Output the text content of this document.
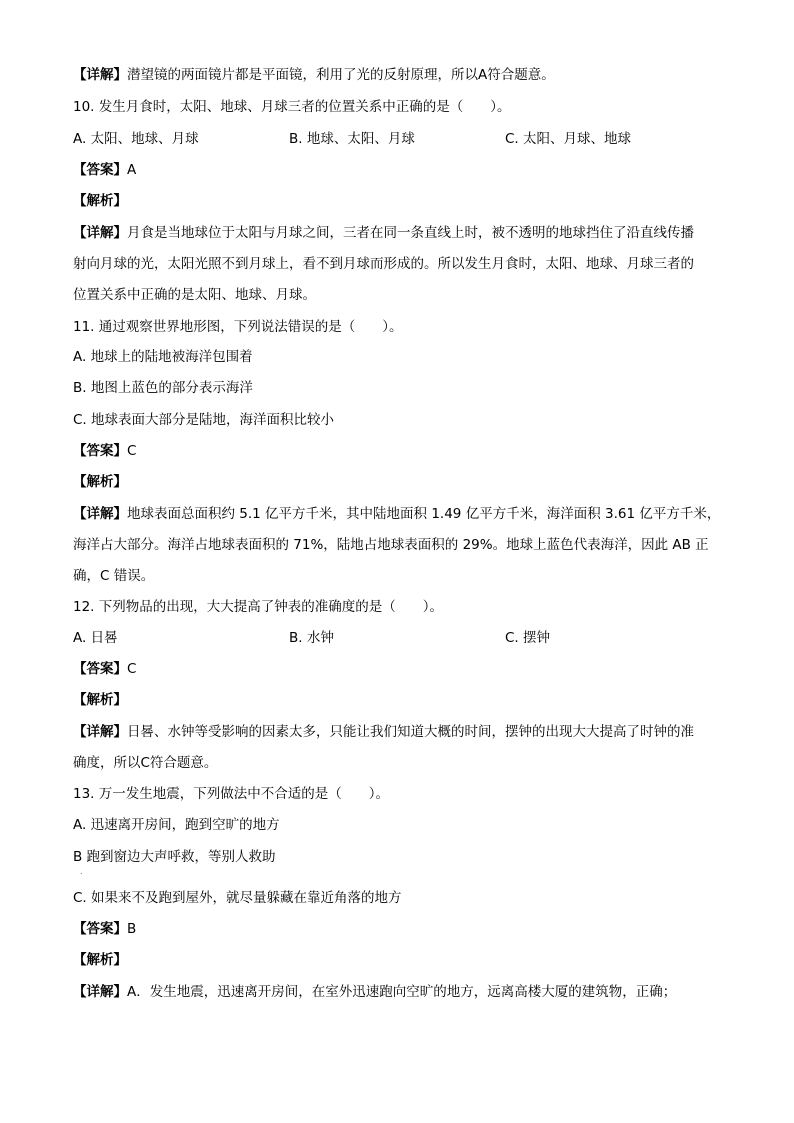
【详解】潜望镜的两面镜片都是平面镜，利用了光的反射原理，所以A符合题意。
10. 发生月食时，太阳、地球、月球三者的位置关系中正确的是（　　）。
A. 太阳、地球、月球	B. 地球、太阳、月球	C. 太阳、月球、地球
【答案】A
【解析】
【详解】月食是当地球位于太阳与月球之间，三者在同一条直线上时，被不透明的地球挡住了沿直线传播
射向月球的光，太阳光照不到月球上，看不到月球而形成的。所以发生月食时，太阳、地球、月球三者的
位置关系中正确的是太阳、地球、月球。
11. 通过观察世界地形图，下列说法错误的是（　　）。
A. 地球上的陆地被海洋包围着
B. 地图上蓝色的部分表示海洋
C. 地球表面大部分是陆地，海洋面积比较小
【答案】C
【解析】
【详解】地球表面总面积约 5.1 亿平方千米，其中陆地面积 1.49 亿平方千米，海洋面积 3.61 亿平方千米，
海洋占大部分。海洋占地球表面积的 71%，陆地占地球表面积的 29%。地球上蓝色代表海洋，因此 AB 正
确，C 错误。
12. 下列物品的出现，大大提高了钟表的准确度的是（　　）。
A. 日晷	B. 水钟	C. 摆钟
【答案】C
【解析】
【详解】日晷、水钟等受影响的因素太多，只能让我们知道大概的时间，摆钟的出现大大提高了时钟的准
确度，所以C符合题意。
13. 万一发生地震，下列做法中不合适的是（　　）。
A. 迅速离开房间，跑到空旷的地方
B 跑到窗边大声呼救，等别人救助
.
C. 如果来不及跑到屋外，就尽量躲藏在靠近角落的地方
【答案】B
【解析】
【详解】A．发生地震，迅速离开房间，在室外迅速跑向空旷的地方，远离高楼大厦的建筑物，正确；
